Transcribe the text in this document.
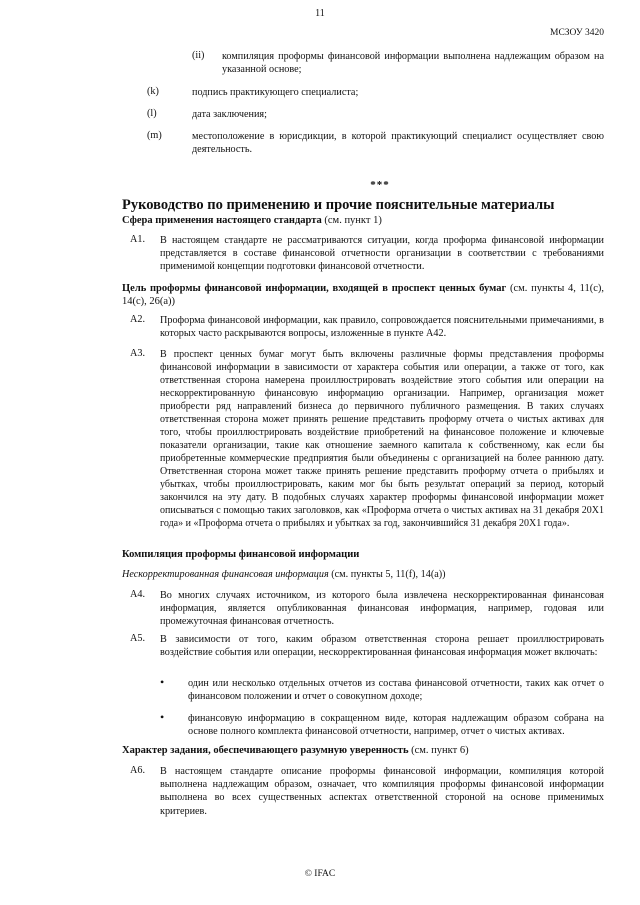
11
МСЗОУ 3420
(ii) компиляция проформы финансовой информации выполнена надлежащим образом на указанной основе;
(k)	подпись практикующего специалиста;
(l)	дата заключения;
(m)	местоположение в юрисдикции, в которой практикующий специалист осуществляет свою деятельность.
***
Руководство по применению и прочие пояснительные материалы
Сфера применения настоящего стандарта (см. пункт 1)
A1. В настоящем стандарте не рассматриваются ситуации, когда проформа финансовой информации представляется в составе финансовой отчетности организации в соответствии с требованиями применимой концепции подготовки финансовой отчетности.
Цель проформы финансовой информации, входящей в проспект ценных бумаг (см. пункты 4, 11(c), 14(c), 26(a))
A2. Проформа финансовой информации, как правило, сопровождается пояснительными примечаниями, в которых часто раскрываются вопросы, изложенные в пункте A42.
A3. В проспект ценных бумаг могут быть включены различные формы представления проформы финансовой информации в зависимости от характера события или операции, а также от того, как ответственная сторона намерена проиллюстрировать воздействие этого события или операции на нескорректированную финансовую информацию организации. Например, организация может приобрести ряд направлений бизнеса до первичного публичного размещения. В таких случаях ответственная сторона может принять решение представить проформу отчета о чистых активах для того, чтобы проиллюстрировать воздействие приобретений на финансовое положение и ключевые показатели организации, такие как отношение заемного капитала к собственному, как если бы приобретенные коммерческие предприятия были объединены с организацией на более раннюю дату. Ответственная сторона может также принять решение представить проформу отчета о прибылях и убытках, чтобы проиллюстрировать, каким мог бы быть результат операций за период, который закончился на эту дату. В подобных случаях характер проформы финансовой информации может описываться с помощью таких заголовков, как «Проформа отчета о чистых активах на 31 декабря 20X1 года» и «Проформа отчета о прибылях и убытках за год, закончившийся 31 декабря 20X1 года».
Компиляция проформы финансовой информации
Нескорректированная финансовая информация (см. пункты 5, 11(f), 14(a))
A4. Во многих случаях источником, из которого была извлечена нескорректированная финансовая информация, является опубликованная финансовая информация, например, годовая или промежуточная финансовая отчетность.
A5. В зависимости от того, каким образом ответственная сторона решает проиллюстрировать воздействие события или операции, нескорректированная финансовая информация может включать:
• один или несколько отдельных отчетов из состава финансовой отчетности, таких как отчет о финансовом положении и отчет о совокупном доходе;
• финансовую информацию в сокращенном виде, которая надлежащим образом собрана на основе полного комплекта финансовой отчетности, например, отчет о чистых активах.
Характер задания, обеспечивающего разумную уверенность (см. пункт 6)
A6. В настоящем стандарте описание проформы финансовой информации, компиляция которой выполнена надлежащим образом, означает, что компиляция проформы финансовой информации выполнена во всех существенных аспектах ответственной стороной на основе применимых критериев.
© IFAC
